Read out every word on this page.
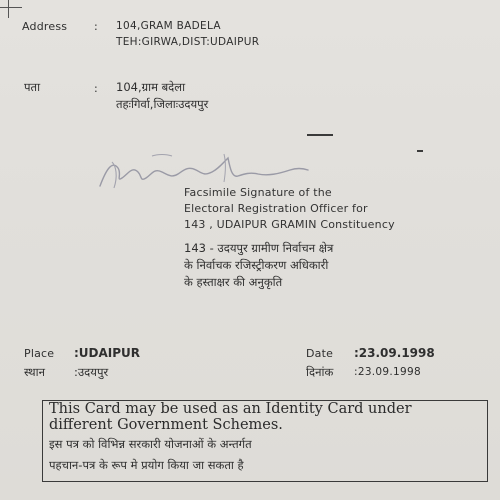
Address : 104,GRAM BADELA
TEH:GIRWA,DIST:UDAIPUR
पता	: 104,ग्राम बदेला
तहःगिर्वा,जिलाःउदयपुर
Facsimile Signature of the
Electoral Registration Officer for
143 , UDAIPUR GRAMIN Constituency
143 - उदयपुर ग्रामीण निर्वाचन क्षेत्र
के निर्वाचक रजिस्ट्रीकरण अधिकारी
के हस्ताक्षर की अनुकृति
Place :UDAIPUR
स्थान	:उदयपुर
Date :23.09.1998
दिनांक :23.09.1998
This Card may be used as an Identity Card under
different Government Schemes.
इस पत्र को विभिन्न सरकारी योजनाओं के अन्तर्गत
पहचान-पत्र के रूप मे प्रयोग किया जा सकता है
